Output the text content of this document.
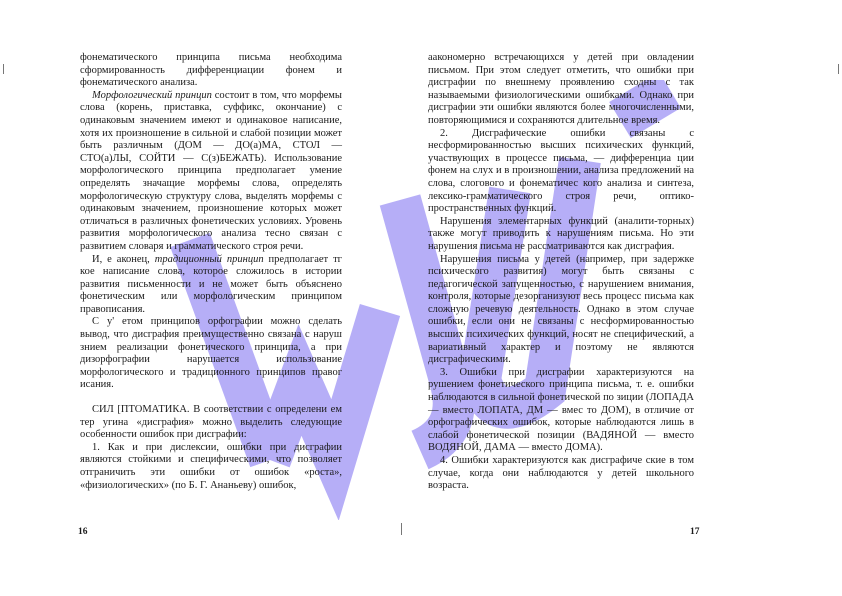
фонематического принципа письма необходима сформированность дифференциации фонем и фонематического анализа.

Морфологический принцип состоит в том, что морфемы слова (корень, приставка, суффикс, окончание) с одинаковым значением имеют и одинаковое написание, хотя их произношение в сильной и слабой позиции может быть различным (ДОМ — ДО(а)МА, СТОЛ — СТО(а)ЛЫ, СОЙТИ — С(з)БЕЖАТЬ). Использование морфологического принципа предполагает умение определять значащие морфемы слова, определять морфологическую структуру слова, выделять морфемы с одинаковым значением, произношение которых может отличаться в различных фонетических условиях. Уровень развития морфологического анализа тесно связан с развитием словаря и грамматического строя речи.

И, е аконец, традиционный принцип предполагает тг кое написание слова, которое сложилось в истории развития письменности и не может быть объяснено фонетическим или морфологическим принципом правописания.

С у' етом принципов орфографии можно сделать вывод, что дисграфия преимущественно связана с наруш знием реализации фонетического принципа, а при дизорфографии нарушается использование морфологического и традиционного принципов правог исания.

СИЛ [ПТОМАТИКА. В соответствии с определени ем тер угина «дисграфия» можно выделить следующие особенности ошибок при дисграфии:

1. Как и при дислексии, ошибки при дисграфии являются стойкими и специфическими, что позволяет отграничить эти ошибки от ошибок «роста», «физиологических» (по Б. Г. Ананьеву) ошибок,

аакономерно встречающихся у детей при овладении письмом. При этом следует отметить, что ошибки при дисграфии по внешнему проявлению сходны с так называемыми физиологическими ошибками. Однако при дисграфии эти ошибки являются более многочисленными, повторяющимися и сохраняются длительное время.

2. Дисграфические ошибки связаны с несформированностью высших психических функций, участвующих в процессе письма, — дифференциа ции фонем на слух и в произношении, анализа предложений на слова, слогового и фонематичес кого анализа и синтеза, лексико-грамматического строя речи, оптико-пространственных функций.

Нарушения элементарных функций (аналити-торных) также могут приводить к нарушениям письма. Но эти нарушения письма не рассматриваются как дисграфия.

Нарушения письма у детей (например, при задержке психического развития) могут быть связаны с педагогической запущенностью, с нарушением внимания, контроля, которые дезорганизуют весь процесс письма как сложную речевую деятельность. Однако в этом случае ошибки, если они не связаны с несформированностью высших психических функций, носят не специфический, а вариативный характер и поэтому не являются дисграфическими.

3. Ошибки при дисграфии характеризуются на рушением фонетического принципа письма, т. е. ошибки наблюдаются в сильной фонетической по зиции (ЛОПАДА — вместо ЛОПАТА, ДМ — вмес то ДОМ), в отличие от орфографических ошибок, которые наблюдаются лишь в слабой фонетической позиции (ВАДЯНОЙ — вместо ВОДЯНОЙ, ДАМА — вместо ДОМА).

4. Ошибки характеризуются как дисграфиче ские в том случае, когда они наблюдаются у детей школьного возраста.

16	17
